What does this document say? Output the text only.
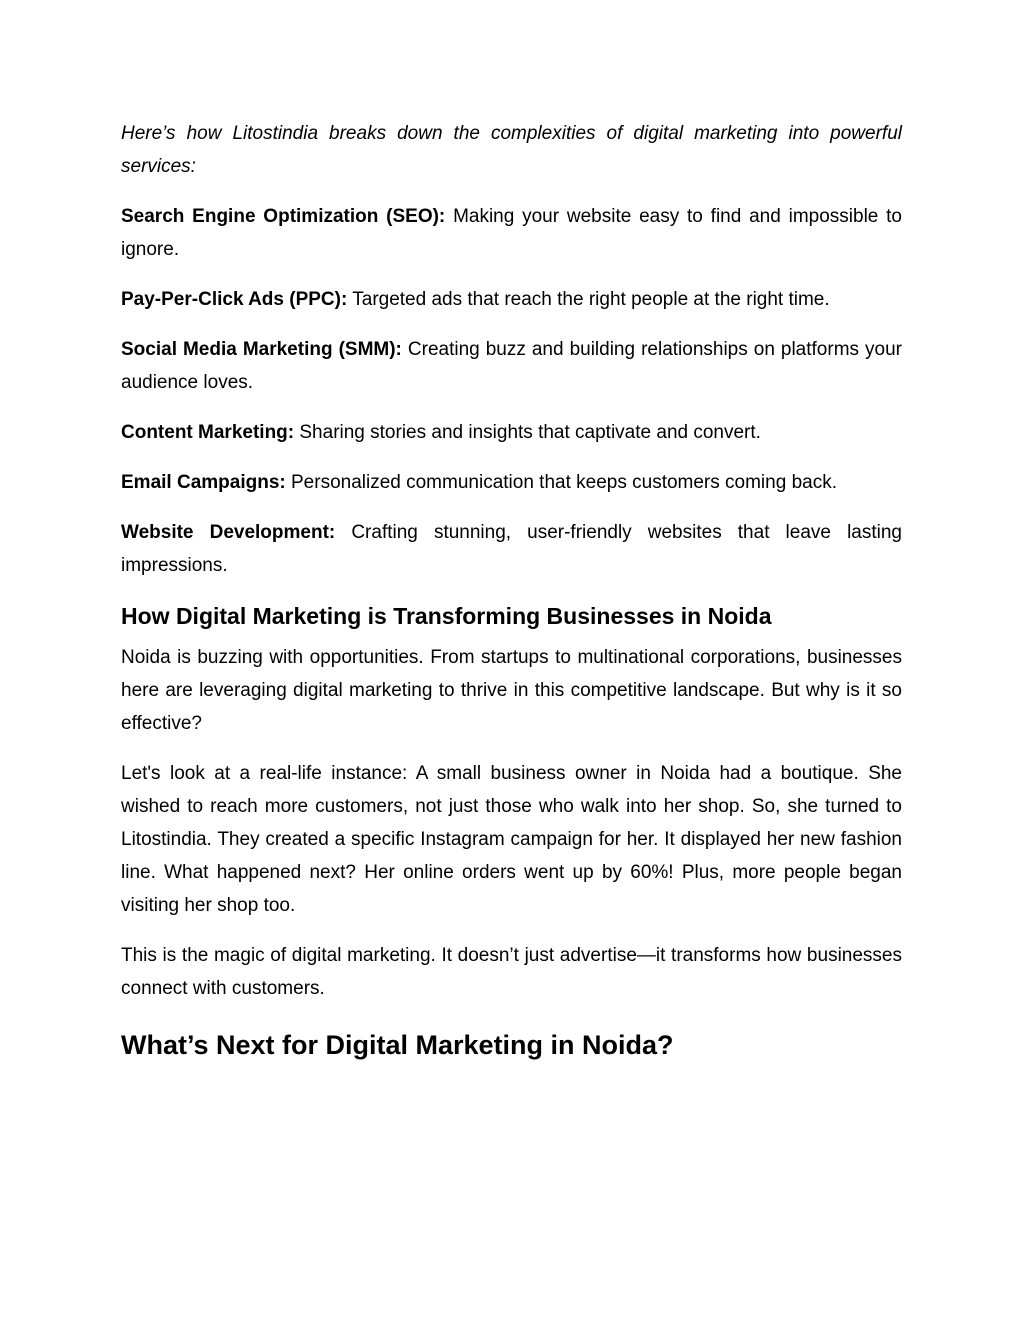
Here’s how Litostindia breaks down the complexities of digital marketing into powerful services:

Search Engine Optimization (SEO): Making your website easy to find and impossible to ignore.

Pay-Per-Click Ads (PPC): Targeted ads that reach the right people at the right time.

Social Media Marketing (SMM): Creating buzz and building relationships on platforms your audience loves.

Content Marketing: Sharing stories and insights that captivate and convert.

Email Campaigns: Personalized communication that keeps customers coming back.

Website Development: Crafting stunning, user-friendly websites that leave lasting impressions.

How Digital Marketing is Transforming Businesses in Noida

Noida is buzzing with opportunities. From startups to multinational corporations, businesses here are leveraging digital marketing to thrive in this competitive landscape. But why is it so effective?

Let's look at a real-life instance: A small business owner in Noida had a boutique. She wished to reach more customers, not just those who walk into her shop. So, she turned to Litostindia. They created a specific Instagram campaign for her. It displayed her new fashion line. What happened next? Her online orders went up by 60%! Plus, more people began visiting her shop too.

This is the magic of digital marketing. It doesn’t just advertise—it transforms how businesses connect with customers.

What’s Next for Digital Marketing in Noida?
